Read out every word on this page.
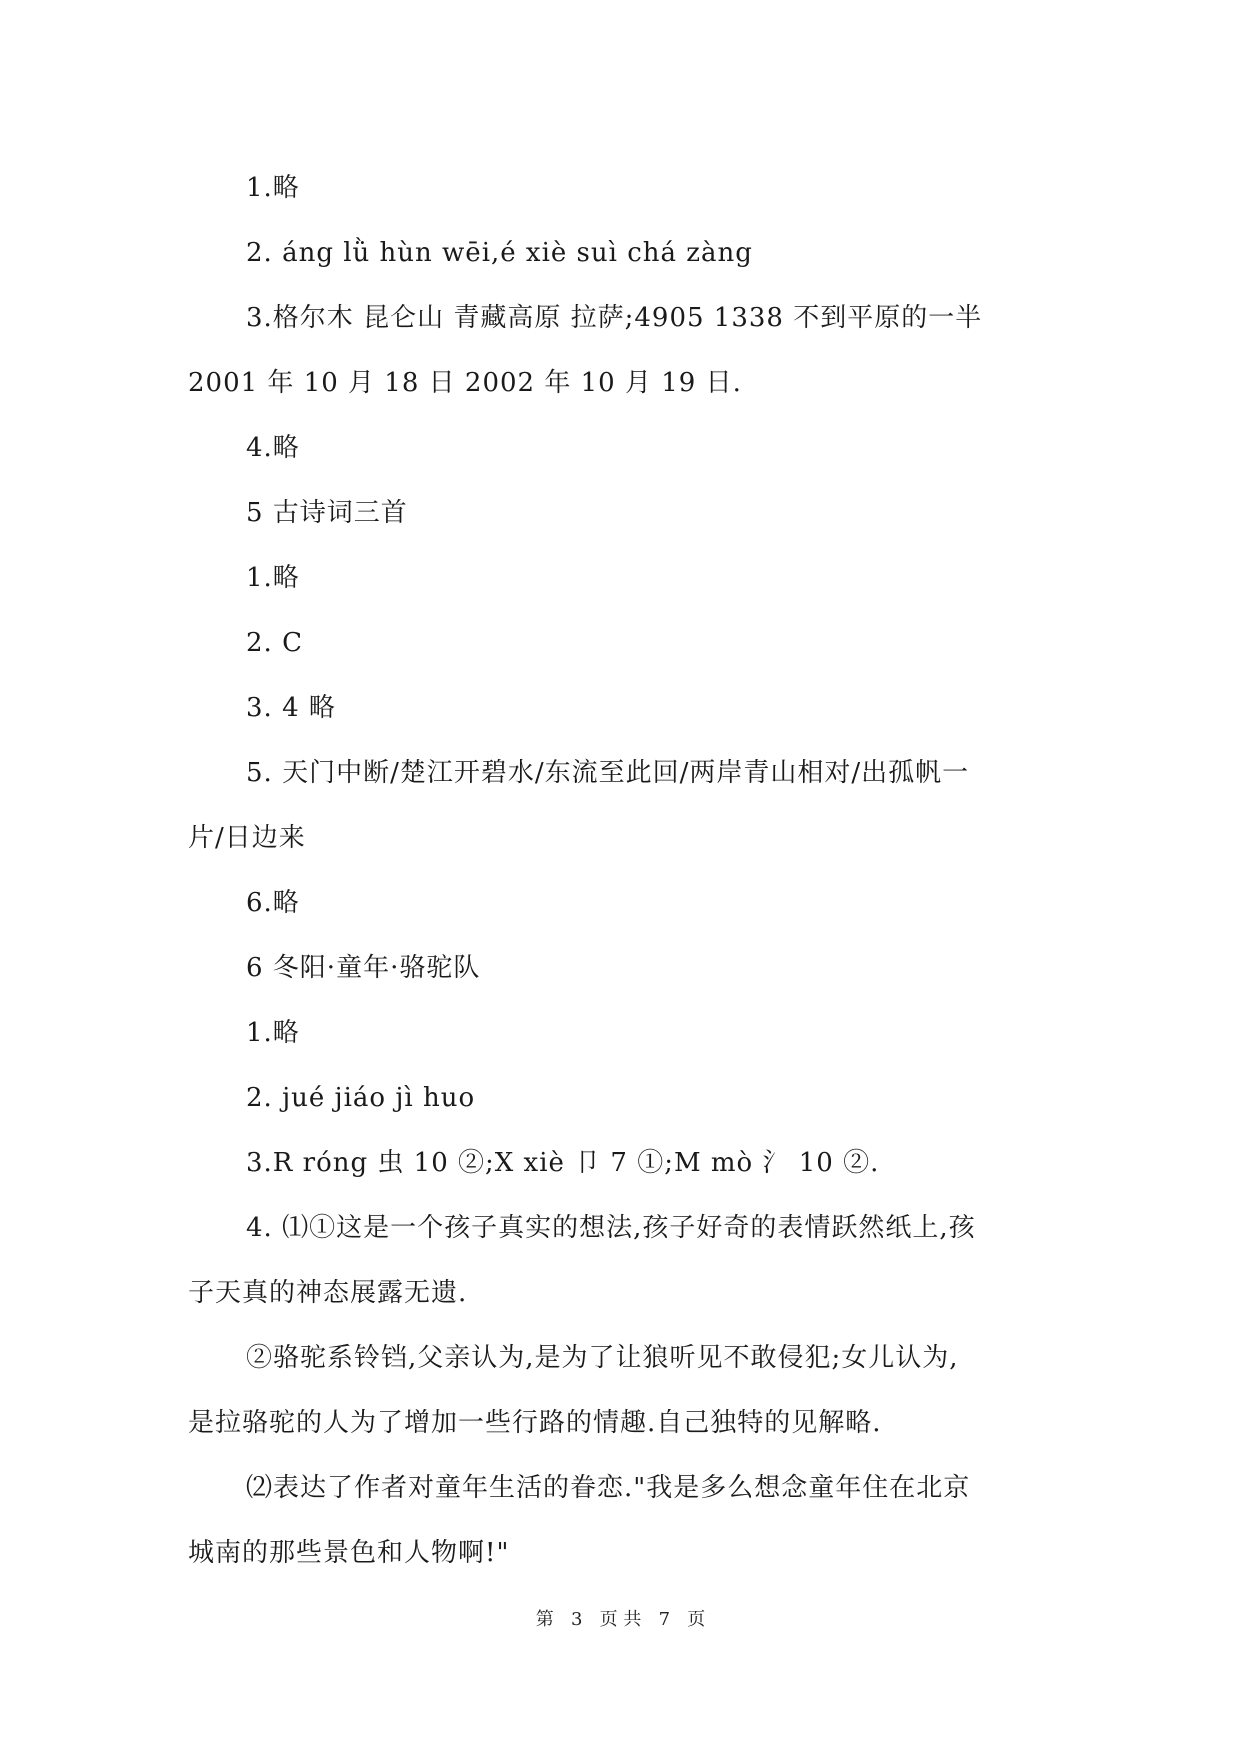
1.略
2. áng lǜ hùn wēi,é xiè suì chá zàng
3.格尔木 昆仑山 青藏高原 拉萨;4905 1338 不到平原的一半
2001 年 10 月 18 日 2002 年 10 月 19 日.
4.略
5 古诗词三首
1.略
2. C
3. 4 略
5. 天门中断/楚江开碧水/东流至此回/两岸青山相对/出孤帆一
片/日边来
6.略
6 冬阳·童年·骆驼队
1.略
2. jué jiáo jì huo
3.R róng 虫 10 ②;X xiè 卩 7 ①;M mò 氵 10 ②.
4. ⑴①这是一个孩子真实的想法,孩子好奇的表情跃然纸上,孩
子天真的神态展露无遗.
②骆驼系铃铛,父亲认为,是为了让狼听见不敢侵犯;女儿认为,
是拉骆驼的人为了增加一些行路的情趣.自己独特的见解略.
⑵表达了作者对童年生活的眷恋."我是多么想念童年住在北京
城南的那些景色和人物啊!"
第 3 页 共 7 页
